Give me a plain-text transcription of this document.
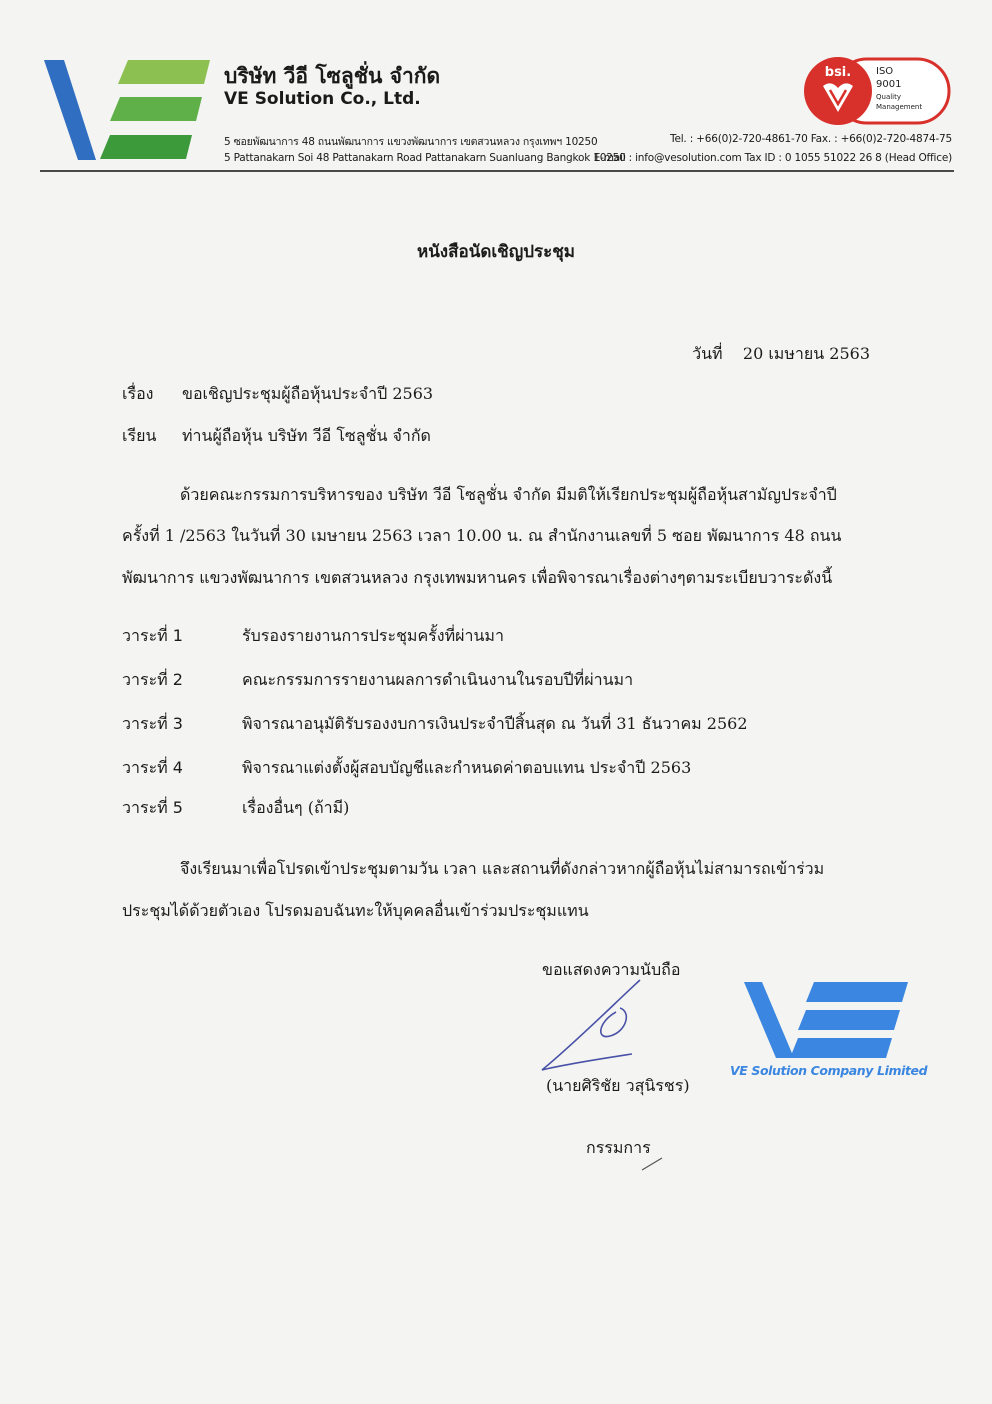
บริษัท วีอี โซลูชั่น จำกัด
VE Solution Co., Ltd.
bsi. ISO
9001
Quality
Management
5 ซอยพัฒนาการ 48 ถนนพัฒนาการ แขวงพัฒนาการ เขตสวนหลวง กรุงเทพฯ 10250
5 Pattanakarn Soi 48 Pattanakarn Road Pattanakarn Suanluang Bangkok 10250
Tel. : +66(0)2-720-4861-70 Fax. : +66(0)2-720-4874-75
E-mail : info@vesolution.com Tax ID : 0 1055 51022 26 8 (Head Office)
หนังสือนัดเชิญประชุม
วันที่ 20 เมษายน 2563
เรื่อง ขอเชิญประชุมผู้ถือหุ้นประจำปี 2563
เรียน ท่านผู้ถือหุ้น บริษัท วีอี โซลูชั่น จำกัด
ด้วยคณะกรรมการบริหารของ บริษัท วีอี โซลูชั่น จำกัด มีมติให้เรียกประชุมผู้ถือหุ้นสามัญประจำปี
ครั้งที่ 1 /2563 ในวันที่ 30 เมษายน 2563 เวลา 10.00 น. ณ สำนักงานเลขที่ 5 ซอย พัฒนาการ 48 ถนน
พัฒนาการ แขวงพัฒนาการ เขตสวนหลวง กรุงเทพมหานคร เพื่อพิจารณาเรื่องต่างๆตามระเบียบวาระดังนี้
วาระที่ 1	รับรองรายงานการประชุมครั้งที่ผ่านมา
วาระที่ 2	คณะกรรมการรายงานผลการดำเนินงานในรอบปีที่ผ่านมา
วาระที่ 3	พิจารณาอนุมัติรับรองงบการเงินประจำปีสิ้นสุด ณ วันที่ 31 ธันวาคม 2562
วาระที่ 4	พิจารณาแต่งตั้งผู้สอบบัญชีและกำหนดค่าตอบแทน ประจำปี 2563
วาระที่ 5	เรื่องอื่นๆ (ถ้ามี)
จึงเรียนมาเพื่อโปรดเข้าประชุมตามวัน เวลา และสถานที่ดังกล่าวหากผู้ถือหุ้นไม่สามารถเข้าร่วม
ประชุมได้ด้วยตัวเอง โปรดมอบฉันทะให้บุคคลอื่นเข้าร่วมประชุมแทน
ขอแสดงความนับถือ
(นายศิริชัย วสุนิรชร)
กรรมการ
VE Solution Company Limited
